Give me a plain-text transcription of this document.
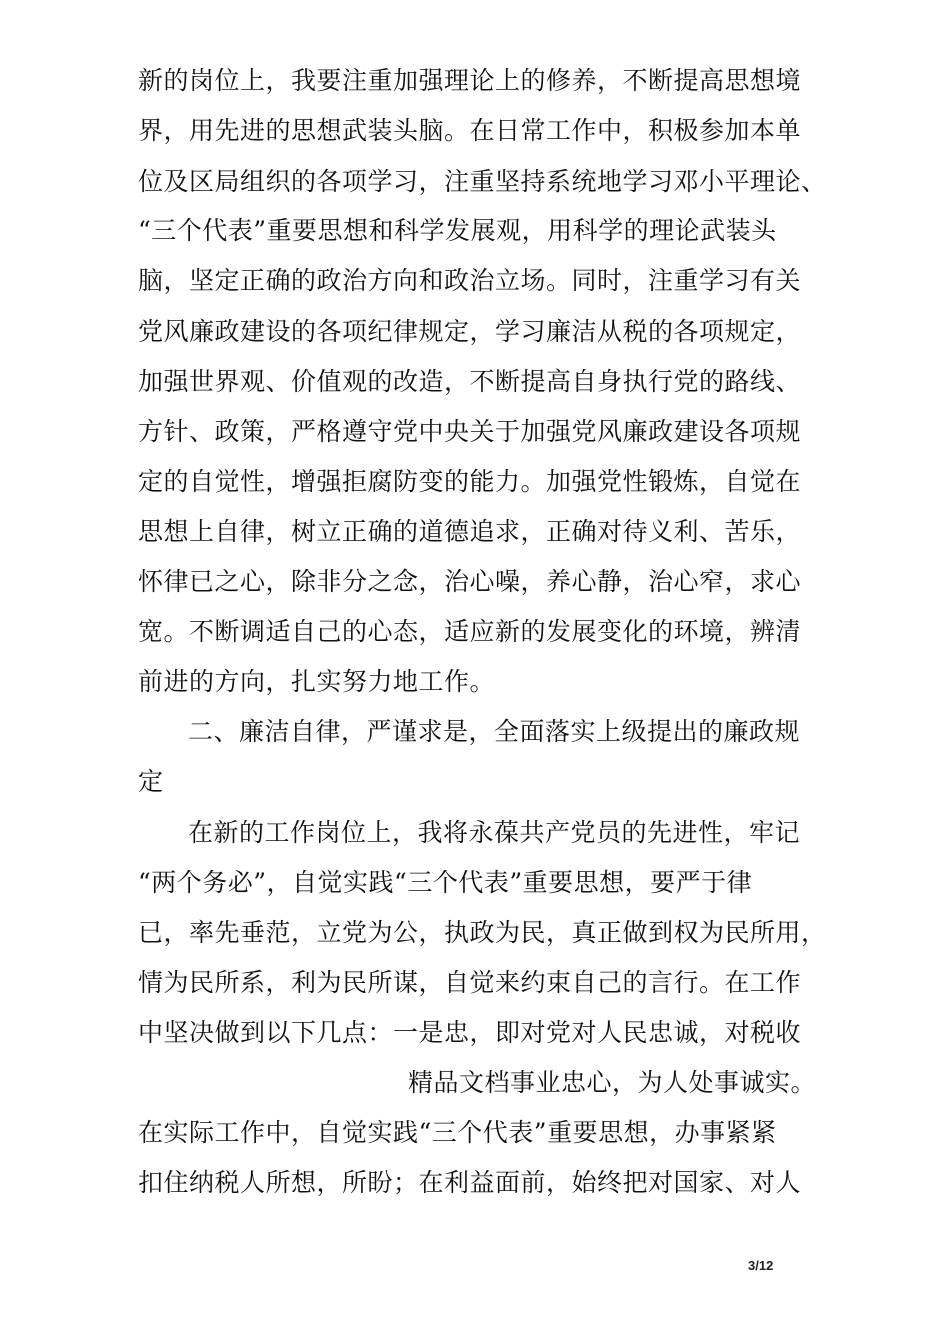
新的岗位上，我要注重加强理论上的修养，不断提高思想境
界，用先进的思想武装头脑。在日常工作中，积极参加本单
位及区局组织的各项学习，注重坚持系统地学习邓小平理论、
“三个代表”重要思想和科学发展观，用科学的理论武装头
脑，坚定正确的政治方向和政治立场。同时，注重学习有关
党风廉政建设的各项纪律规定，学习廉洁从税的各项规定，
加强世界观、价值观的改造，不断提高自身执行党的路线、
方针、政策，严格遵守党中央关于加强党风廉政建设各项规
定的自觉性，增强拒腐防变的能力。加强党性锻炼，自觉在
思想上自律，树立正确的道德追求，正确对待义利、苦乐，
怀律已之心，除非分之念，治心噪，养心静，治心窄，求心
宽。不断调适自己的心态，适应新的发展变化的环境，辨清
前进的方向，扎实努力地工作。
二、廉洁自律，严谨求是，全面落实上级提出的廉政规
定
在新的工作岗位上，我将永葆共产党员的先进性，牢记
“两个务必”，自觉实践“三个代表”重要思想，要严于律
已，率先垂范，立党为公，执政为民，真正做到权为民所用，
情为民所系，利为民所谋，自觉来约束自己的言行。在工作
中坚决做到以下几点：一是忠，即对党对人民忠诚，对税收
精品文档事业忠心，为人处事诚实。
在实际工作中，自觉实践“三个代表”重要思想，办事紧紧
扣住纳税人所想，所盼；在利益面前，始终把对国家、对人
3/12
